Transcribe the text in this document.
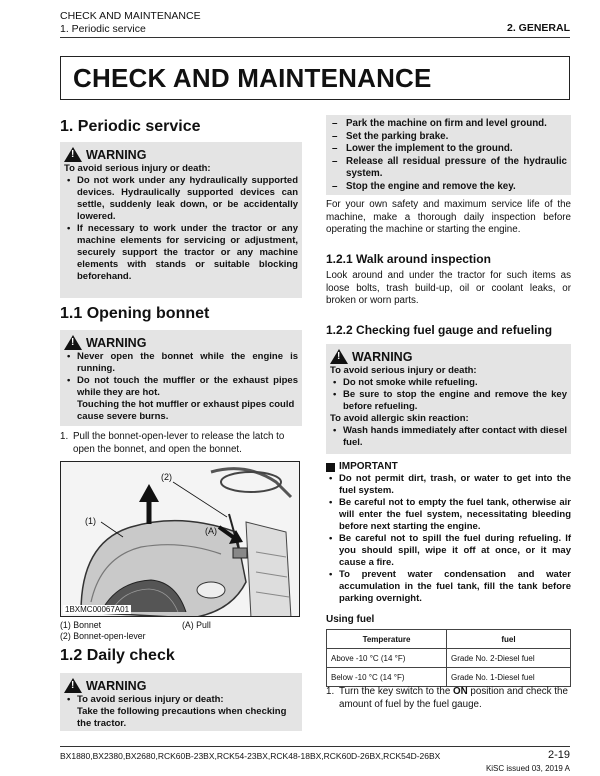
CHECK AND MAINTENANCE
1. Periodic service	2. GENERAL
CHECK AND MAINTENANCE
1. Periodic service
!
WARNING
To avoid serious injury or death:
• Do not work under any hydraulically supported devices. Hydraulically supported devices can settle, suddenly leak down, or be accidentally lowered.
• If necessary to work under the tractor or any machine elements for servicing or adjustment, securely support the tractor or any machine elements with stands or suitable blocking beforehand.
1.1 Opening bonnet
!
WARNING
• Never open the bonnet while the engine is running.
• Do not touch the muffler or the exhaust pipes while they are hot.
Touching the hot muffler or exhaust pipes could cause severe burns.
1. Pull the bonnet-open-lever to release the latch to open the bonnet, and open the bonnet.
(1)
(2)
(A)
1BXMC00067A01
(1) Bonnet
(2) Bonnet-open-lever
(A) Pull
1.2 Daily check
!
WARNING
• To avoid serious injury or death:
Take the following precautions when checking the tractor.
– Park the machine on firm and level ground.
– Set the parking brake.
– Lower the implement to the ground.
– Release all residual pressure of the hydraulic system.
– Stop the engine and remove the key.
For your own safety and maximum service life of the machine, make a thorough daily inspection before operating the machine or starting the engine.
1.2.1 Walk around inspection
Look around and under the tractor for such items as loose bolts, trash build-up, oil or coolant leaks, or broken or worn parts.
1.2.2 Checking fuel gauge and refueling
!
WARNING
To avoid serious injury or death:
• Do not smoke while refueling.
• Be sure to stop the engine and remove the key before refueling.
To avoid allergic skin reaction:
• Wash hands immediately after contact with diesel fuel.
IMPORTANT
• Do not permit dirt, trash, or water to get into the fuel system.
• Be careful not to empty the fuel tank, otherwise air will enter the fuel system, necessitating bleeding before next starting the engine.
• Be careful not to spill the fuel during refueling. If you should spill, wipe it off at once, or it may cause a fire.
• To prevent water condensation and water accumulation in the fuel tank, fill the tank before parking overnight.
Using fuel
Temperature	fuel
Above -10 °C (14 °F)	Grade No. 2-Diesel fuel
Below -10 °C (14 °F)	Grade No. 1-Diesel fuel
1. Turn the key switch to the ON position and check the amount of fuel by the fuel gauge.
BX1880,BX2380,BX2680,RCK60B-23BX,RCK54-23BX,RCK48-18BX,RCK60D-26BX,RCK54D-26BX	2-19
KiSC issued 03, 2019 A
